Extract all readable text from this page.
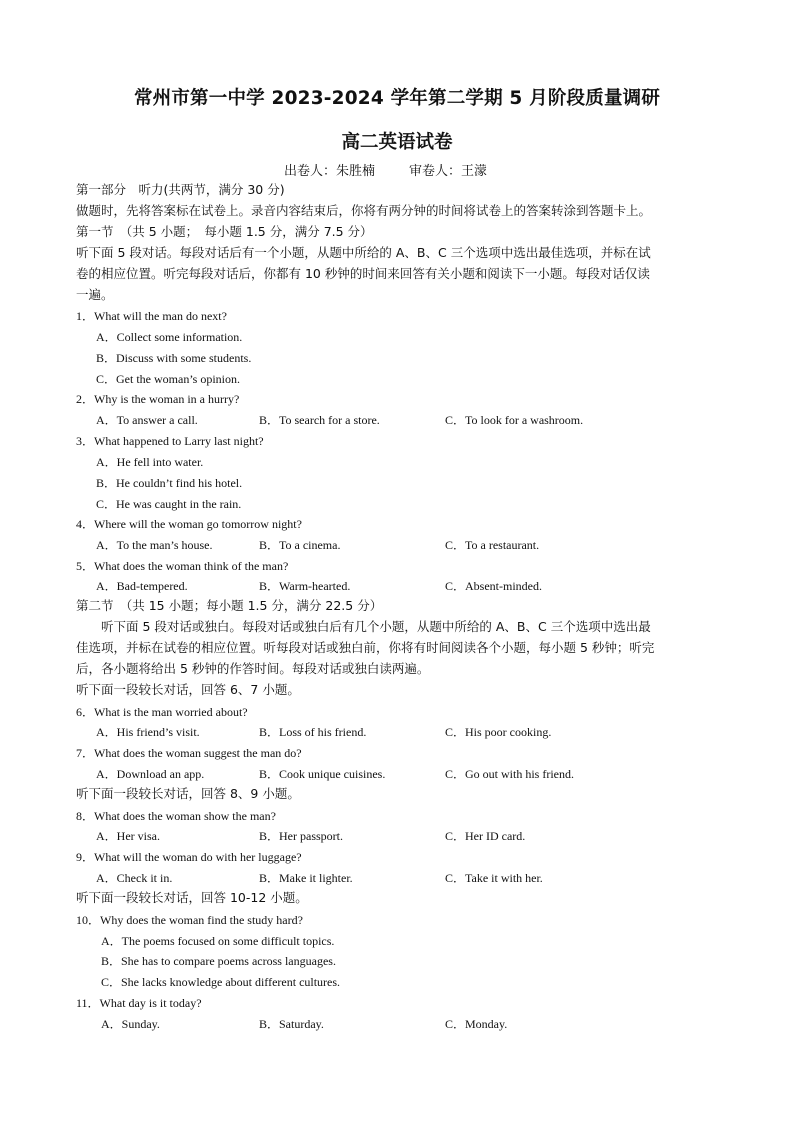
常州市第一中学 2023-2024 学年第二学期 5 月阶段质量调研
高二英语试卷
出卷人：朱胜楠	审卷人：王濛
第一部分　听力(共两节，满分 30 分)
做题时，先将答案标在试卷上。录音内容结束后，你将有两分钟的时间将试卷上的答案转涂到答题卡上。
第一节　（共 5 小题；　每小题 1.5 分，满分 7.5 分）
听下面 5 段对话。每段对话后有一个小题，从题中所给的 A、B、C 三个选项中选出最佳选项，并标在试
卷的相应位置。听完每段对话后，你都有 10 秒钟的时间来回答有关小题和阅读下一小题。每段对话仅读
一遍。
1．What will the man do next?
A．Collect some information.
B．Discuss with some students.
C．Get the woman’s opinion.
2．Why is the woman in a hurry?
A．To answer a call.	B．To search for a store.	C．To look for a washroom.
3．What happened to Larry last night?
A．He fell into water.
B．He couldn’t find his hotel.
C．He was caught in the rain.
4．Where will the woman go tomorrow night?
A．To the man’s house.	B．To a cinema.	C．To a restaurant.
5．What does the woman think of the man?
A．Bad-tempered.	B．Warm-hearted.	C．Absent-minded.
第二节　（共 15 小题；每小题 1.5 分，满分 22.5 分）
　　听下面 5 段对话或独白。每段对话或独白后有几个小题，从题中所给的 A、B、C 三个选项中选出最
佳选项，并标在试卷的相应位置。听每段对话或独白前，你将有时间阅读各个小题，每小题 5 秒钟；听完
后，各小题将给出 5 秒钟的作答时间。每段对话或独白读两遍。
听下面一段较长对话，回答 6、7 小题。
6．What is the man worried about?
A．His friend’s visit.	B．Loss of his friend.	C．His poor cooking.
7．What does the woman suggest the man do?
A．Download an app.	B．Cook unique cuisines.	C．Go out with his friend.
听下面一段较长对话，回答 8、9 小题。
8．What does the woman show the man?
A．Her visa.	B．Her passport.	C．Her ID card.
9．What will the woman do with her luggage?
A．Check it in.	B．Make it lighter.	C．Take it with her.
听下面一段较长对话，回答 10-12 小题。
10．Why does the woman find the study hard?
A．The poems focused on some difficult topics.
B．She has to compare poems across languages.
C．She lacks knowledge about different cultures.
11．What day is it today?
A．Sunday.	B．Saturday.	C．Monday.
